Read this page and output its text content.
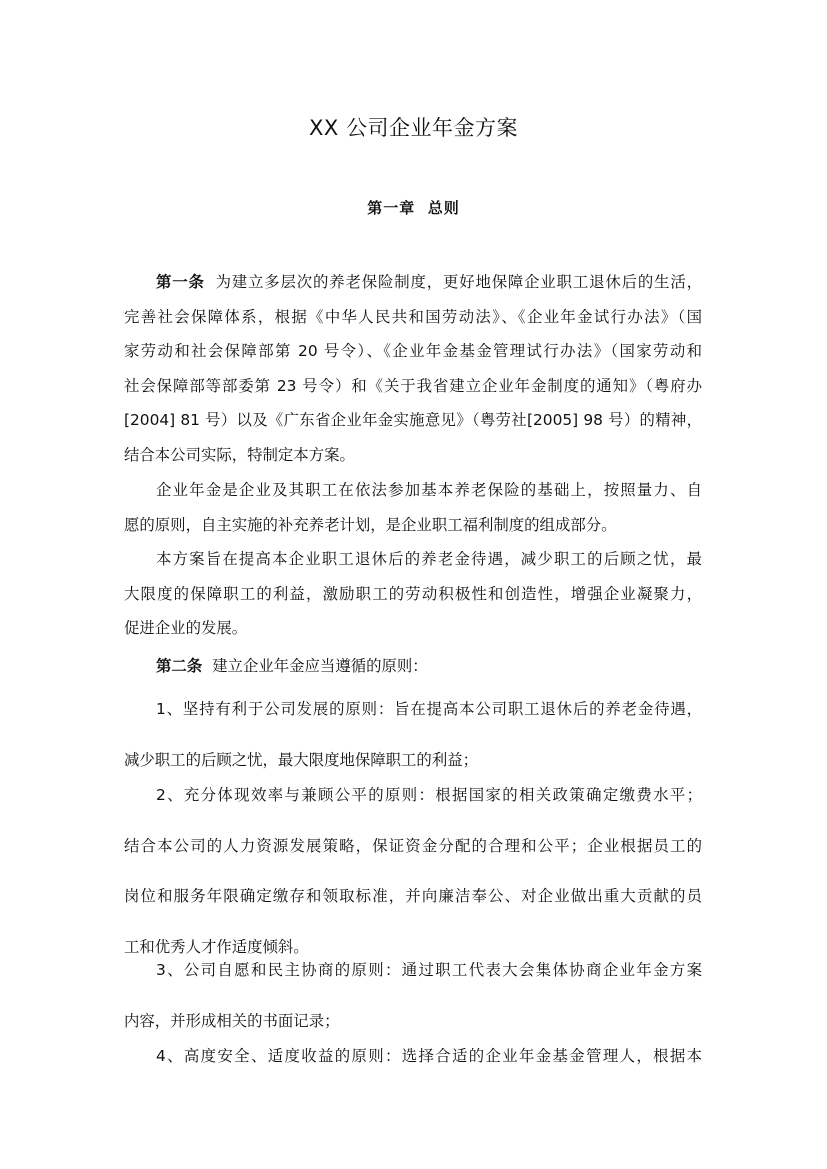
XX 公司企业年金方案
第一章  总则
第一条 为建立多层次的养老保险制度，更好地保障企业职工退休后的生活，
完善社会保障体系，根据《中华人民共和国劳动法》、《企业年金试行办法》（国
家劳动和社会保障部第 20 号令）、《企业年金基金管理试行办法》（国家劳动和
社会保障部等部委第 23 号令）和《关于我省建立企业年金制度的通知》（粤府办
[2004] 81 号）以及《广东省企业年金实施意见》（粤劳社[2005] 98 号）的精神，
结合本公司实际，特制定本方案。
企业年金是企业及其职工在依法参加基本养老保险的基础上，按照量力、自
愿的原则，自主实施的补充养老计划，是企业职工福利制度的组成部分。
本方案旨在提高本企业职工退休后的养老金待遇，减少职工的后顾之忧，最
大限度的保障职工的利益，激励职工的劳动积极性和创造性，增强企业凝聚力，
促进企业的发展。
第二条 建立企业年金应当遵循的原则：
1、坚持有利于公司发展的原则：旨在提高本公司职工退休后的养老金待遇，
减少职工的后顾之忧，最大限度地保障职工的利益；
2、充分体现效率与兼顾公平的原则：根据国家的相关政策确定缴费水平；
结合本公司的人力资源发展策略，保证资金分配的合理和公平；企业根据员工的
岗位和服务年限确定缴存和领取标准，并向廉洁奉公、对企业做出重大贡献的员
工和优秀人才作适度倾斜。
3、公司自愿和民主协商的原则：通过职工代表大会集体协商企业年金方案
内容，并形成相关的书面记录；
4、高度安全、适度收益的原则：选择合适的企业年金基金管理人，根据本
